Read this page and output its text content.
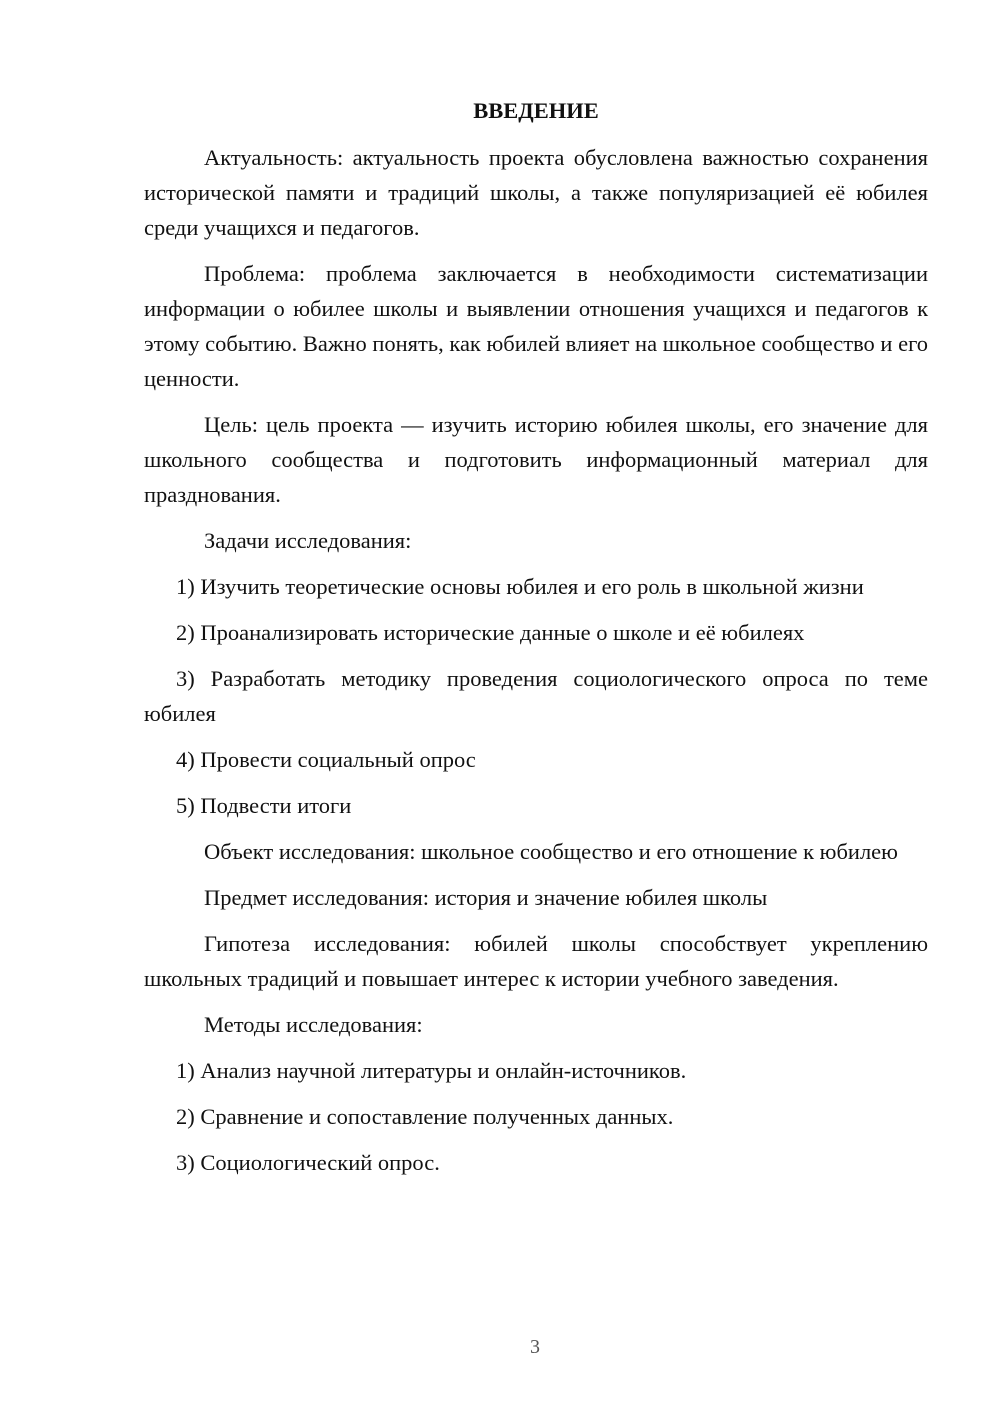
ВВЕДЕНИЕ

Актуальность: актуальность проекта обусловлена важностью сохранения исторической памяти и традиций школы, а также популяризацией её юбилея среди учащихся и педагогов.

Проблема: проблема заключается в необходимости систематизации информации о юбилее школы и выявлении отношения учащихся и педагогов к этому событию. Важно понять, как юбилей влияет на школьное сообщество и его ценности.

Цель: цель проекта — изучить историю юбилея школы, его значение для школьного сообщества и подготовить информационный материал для празднования.

Задачи исследования:

1) Изучить теоретические основы юбилея и его роль в школьной жизни

2) Проанализировать исторические данные о школе и её юбилеях

3) Разработать методику проведения социологического опроса по теме юбилея

4) Провести социальный опрос

5) Подвести итоги

Объект исследования: школьное сообщество и его отношение к юбилею

Предмет исследования: история и значение юбилея школы

Гипотеза исследования: юбилей школы способствует укреплению школьных традиций и повышает интерес к истории учебного заведения.

Методы исследования:

1) Анализ научной литературы и онлайн-источников.

2) Сравнение и сопоставление полученных данных.

3) Социологический опрос.

3
